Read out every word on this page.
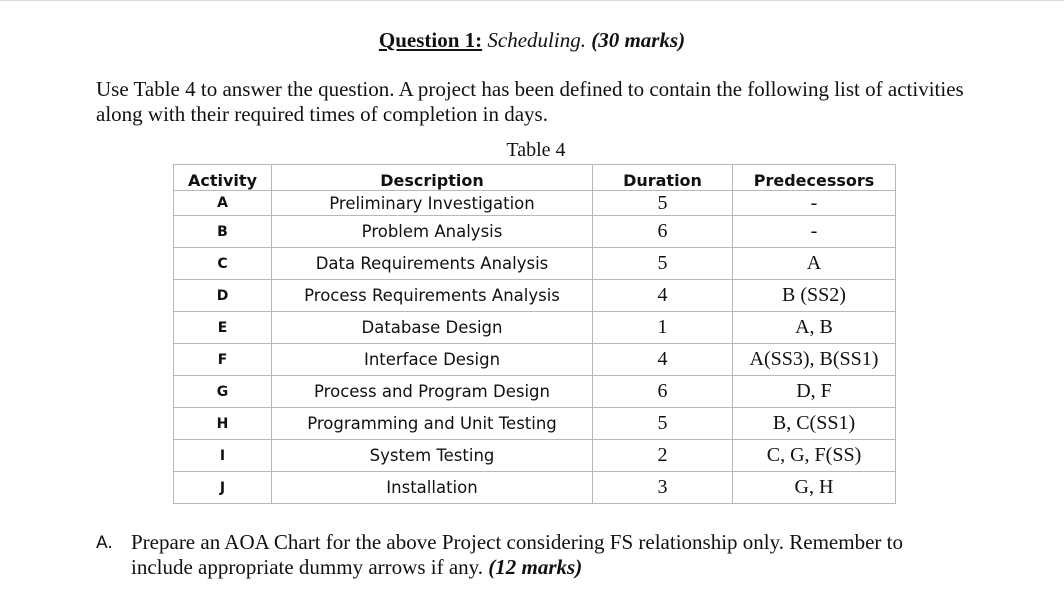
Question 1: Scheduling. (30 marks)
Use Table 4 to answer the question. A project has been defined to contain the following list of activities
along with their required times of completion in days.
Table 4
Activity	Description	Duration	Predecessors
A	Preliminary Investigation	5	-
B	Problem Analysis	6	-
C	Data Requirements Analysis	5	A
D	Process Requirements Analysis	4	B (SS2)
E	Database Design	1	A, B
F	Interface Design	4	A(SS3), B(SS1)
G	Process and Program Design	6	D, F
H	Programming and Unit Testing	5	B, C(SS1)
I	System Testing	2	C, G, F(SS)
J	Installation	3	G, H
A. Prepare an AOA Chart for the above Project considering FS relationship only. Remember to
include appropriate dummy arrows if any. (12 marks)
